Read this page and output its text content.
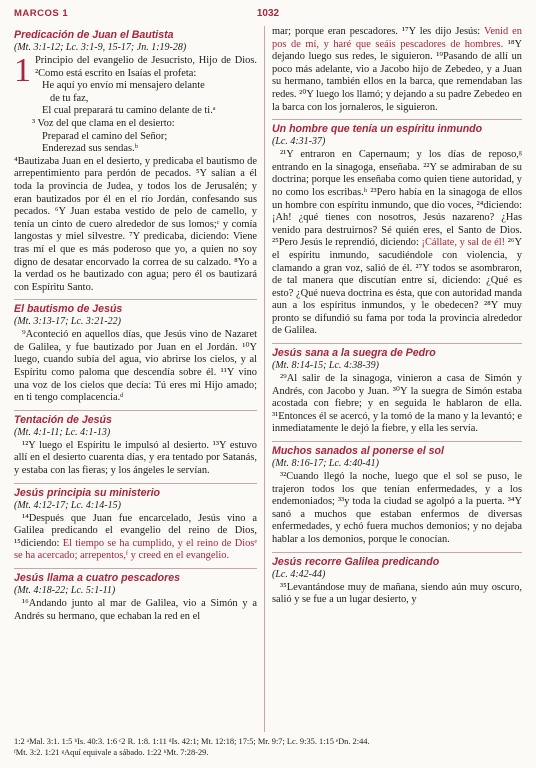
MARCOS 1	1032
Predicación de Juan el Bautista
(Mt. 3:1-12; Lc. 3:1-9, 15-17; Jn. 1:19-28)

1 Principio del evangelio de Jesucristo, Hijo de Dios. ²Como está escrito en Isaías el profeta:

He aquí yo envío mi mensajero delante

de tu faz,

El cual preparará tu camino delante de ti.ᵃ

³ Voz del que clama en el desierto:

Preparad el camino del Señor;

Enderezad sus sendas.ᵇ

⁴Bautizaba Juan en el desierto, y predicaba el bautismo de arrepentimiento para perdón de pecados. ⁵Y salían a él toda la provincia de Judea, y todos los de Jerusalén; y eran bautizados por él en el río Jordán, confesando sus pecados. ⁶Y Juan estaba vestido de pelo de camello, y tenía un cinto de cuero alrededor de sus lomos;ᶜ y comía langostas y miel silvestre. ⁷Y predicaba, diciendo: Viene tras mí el que es más poderoso que yo, a quien no soy digno de desatar encorvado la correa de su calzado. ⁸Yo a la verdad os he bautizado con agua; pero él os bautizará con Espíritu Santo.

El bautismo de Jesús
(Mt. 3:13-17; Lc. 3:21-22)

⁹Aconteció en aquellos días, que Jesús vino de Nazaret de Galilea, y fue bautizado por Juan en el Jordán. ¹⁰Y luego, cuando subía del agua, vio abrirse los cielos, y al Espíritu como paloma que descendía sobre él. ¹¹Y vino una voz de los cielos que decía: Tú eres mi Hijo amado; en ti tengo complacencia.ᵈ

Tentación de Jesús
(Mt. 4:1-11; Lc. 4:1-13)

¹²Y luego el Espíritu le impulsó al desierto. ¹³Y estuvo allí en el desierto cuarenta días, y era tentado por Satanás, y estaba con las fieras; y los ángeles le servían.

Jesús principia su ministerio
(Mt. 4:12-17; Lc. 4:14-15)

¹⁴Después que Juan fue encarcelado, Jesús vino a Galilea predicando el evangelio del reino de Dios, ¹⁵diciendo: El tiempo se ha cumplido, y el reino de Diosᵉ se ha acercado; arrepentos,ᶠ y creed en el evangelio.

Jesús llama a cuatro pescadores
(Mt. 4:18-22; Lc. 5:1-11)

¹⁶Andando junto al mar de Galilea, vio a Simón y a Andrés su hermano, que echaban la red en el

mar; porque eran pescadores. ¹⁷Y les dijo Jesús: Venid en pos de mí, y haré que seáis pescadores de hombres. ¹⁸Y dejando luego sus redes, le siguieron. ¹⁹Pasando de allí un poco más adelante, vio a Jacobo hijo de Zebedeo, y a Juan su hermano, también ellos en la barca, que remendaban las redes. ²⁰Y luego los llamó; y dejando a su padre Zebedeo en la barca con los jornaleros, le siguieron.

Un hombre que tenía un espíritu inmundo
(Lc. 4:31-37)

²¹Y entraron en Capernaum; y los días de reposo,ᵍ entrando en la sinagoga, enseñaba. ²²Y se admiraban de su doctrina; porque les enseñaba como quien tiene autoridad, y no como los escribas.ʰ ²³Pero había en la sinagoga de ellos un hombre con espíritu inmundo, que dio voces, ²⁴diciendo: ¡Ah! ¿qué tienes con nosotros, Jesús nazareno? ¿Has venido para destruirnos? Sé quién eres, el Santo de Dios. ²⁵Pero Jesús le reprendió, diciendo: ¡Cállate, y sal de él! ²⁶Y el espíritu inmundo, sacudiéndole con violencia, y clamando a gran voz, salió de él. ²⁷Y todos se asombraron, de tal manera que discutían entre sí, diciendo: ¿Qué es esto? ¿Qué nueva doctrina es ésta, que con autoridad manda aun a los espíritus inmundos, y le obedecen? ²⁸Y muy pronto se difundió su fama por toda la provincia alrededor de Galilea.

Jesús sana a la suegra de Pedro
(Mt. 8:14-15; Lc. 4:38-39)

²⁹Al salir de la sinagoga, vinieron a casa de Simón y Andrés, con Jacobo y Juan. ³⁰Y la suegra de Simón estaba acostada con fiebre; y en seguida le hablaron de ella. ³¹Entonces él se acercó, y la tomó de la mano y la levantó; e inmediatamente le dejó la fiebre, y ella les servía.

Muchos sanados al ponerse el sol
(Mt. 8:16-17; Lc. 4:40-41)

³²Cuando llegó la noche, luego que el sol se puso, le trajeron todos los que tenían enfermedades, y a los endemoniados; ³³y toda la ciudad se agolpó a la puerta. ³⁴Y sanó a muchos que estaban enfermos de diversas enfermedades, y echó fuera muchos demonios; y no dejaba hablar a los demonios, porque le conocían.

Jesús recorre Galilea predicando
(Lc. 4:42-44)

³⁵Levantándose muy de mañana, siendo aún muy oscuro, salió y se fue a un lugar desierto, y

1:2 ᵃMal. 3:1. 1:5 ᵇIs. 40:3. 1:6 ᶜ2 R. 1:8. 1:11 ᵈIs. 42:1; Mt. 12:18; 17:5; Mr. 9:7; Lc. 9:35. 1:15 ᵉDn. 2:44.
ᶠMt. 3:2. 1:21 ᵍAquí equivale a sábado. 1:22 ʰMt. 7:28-29.
